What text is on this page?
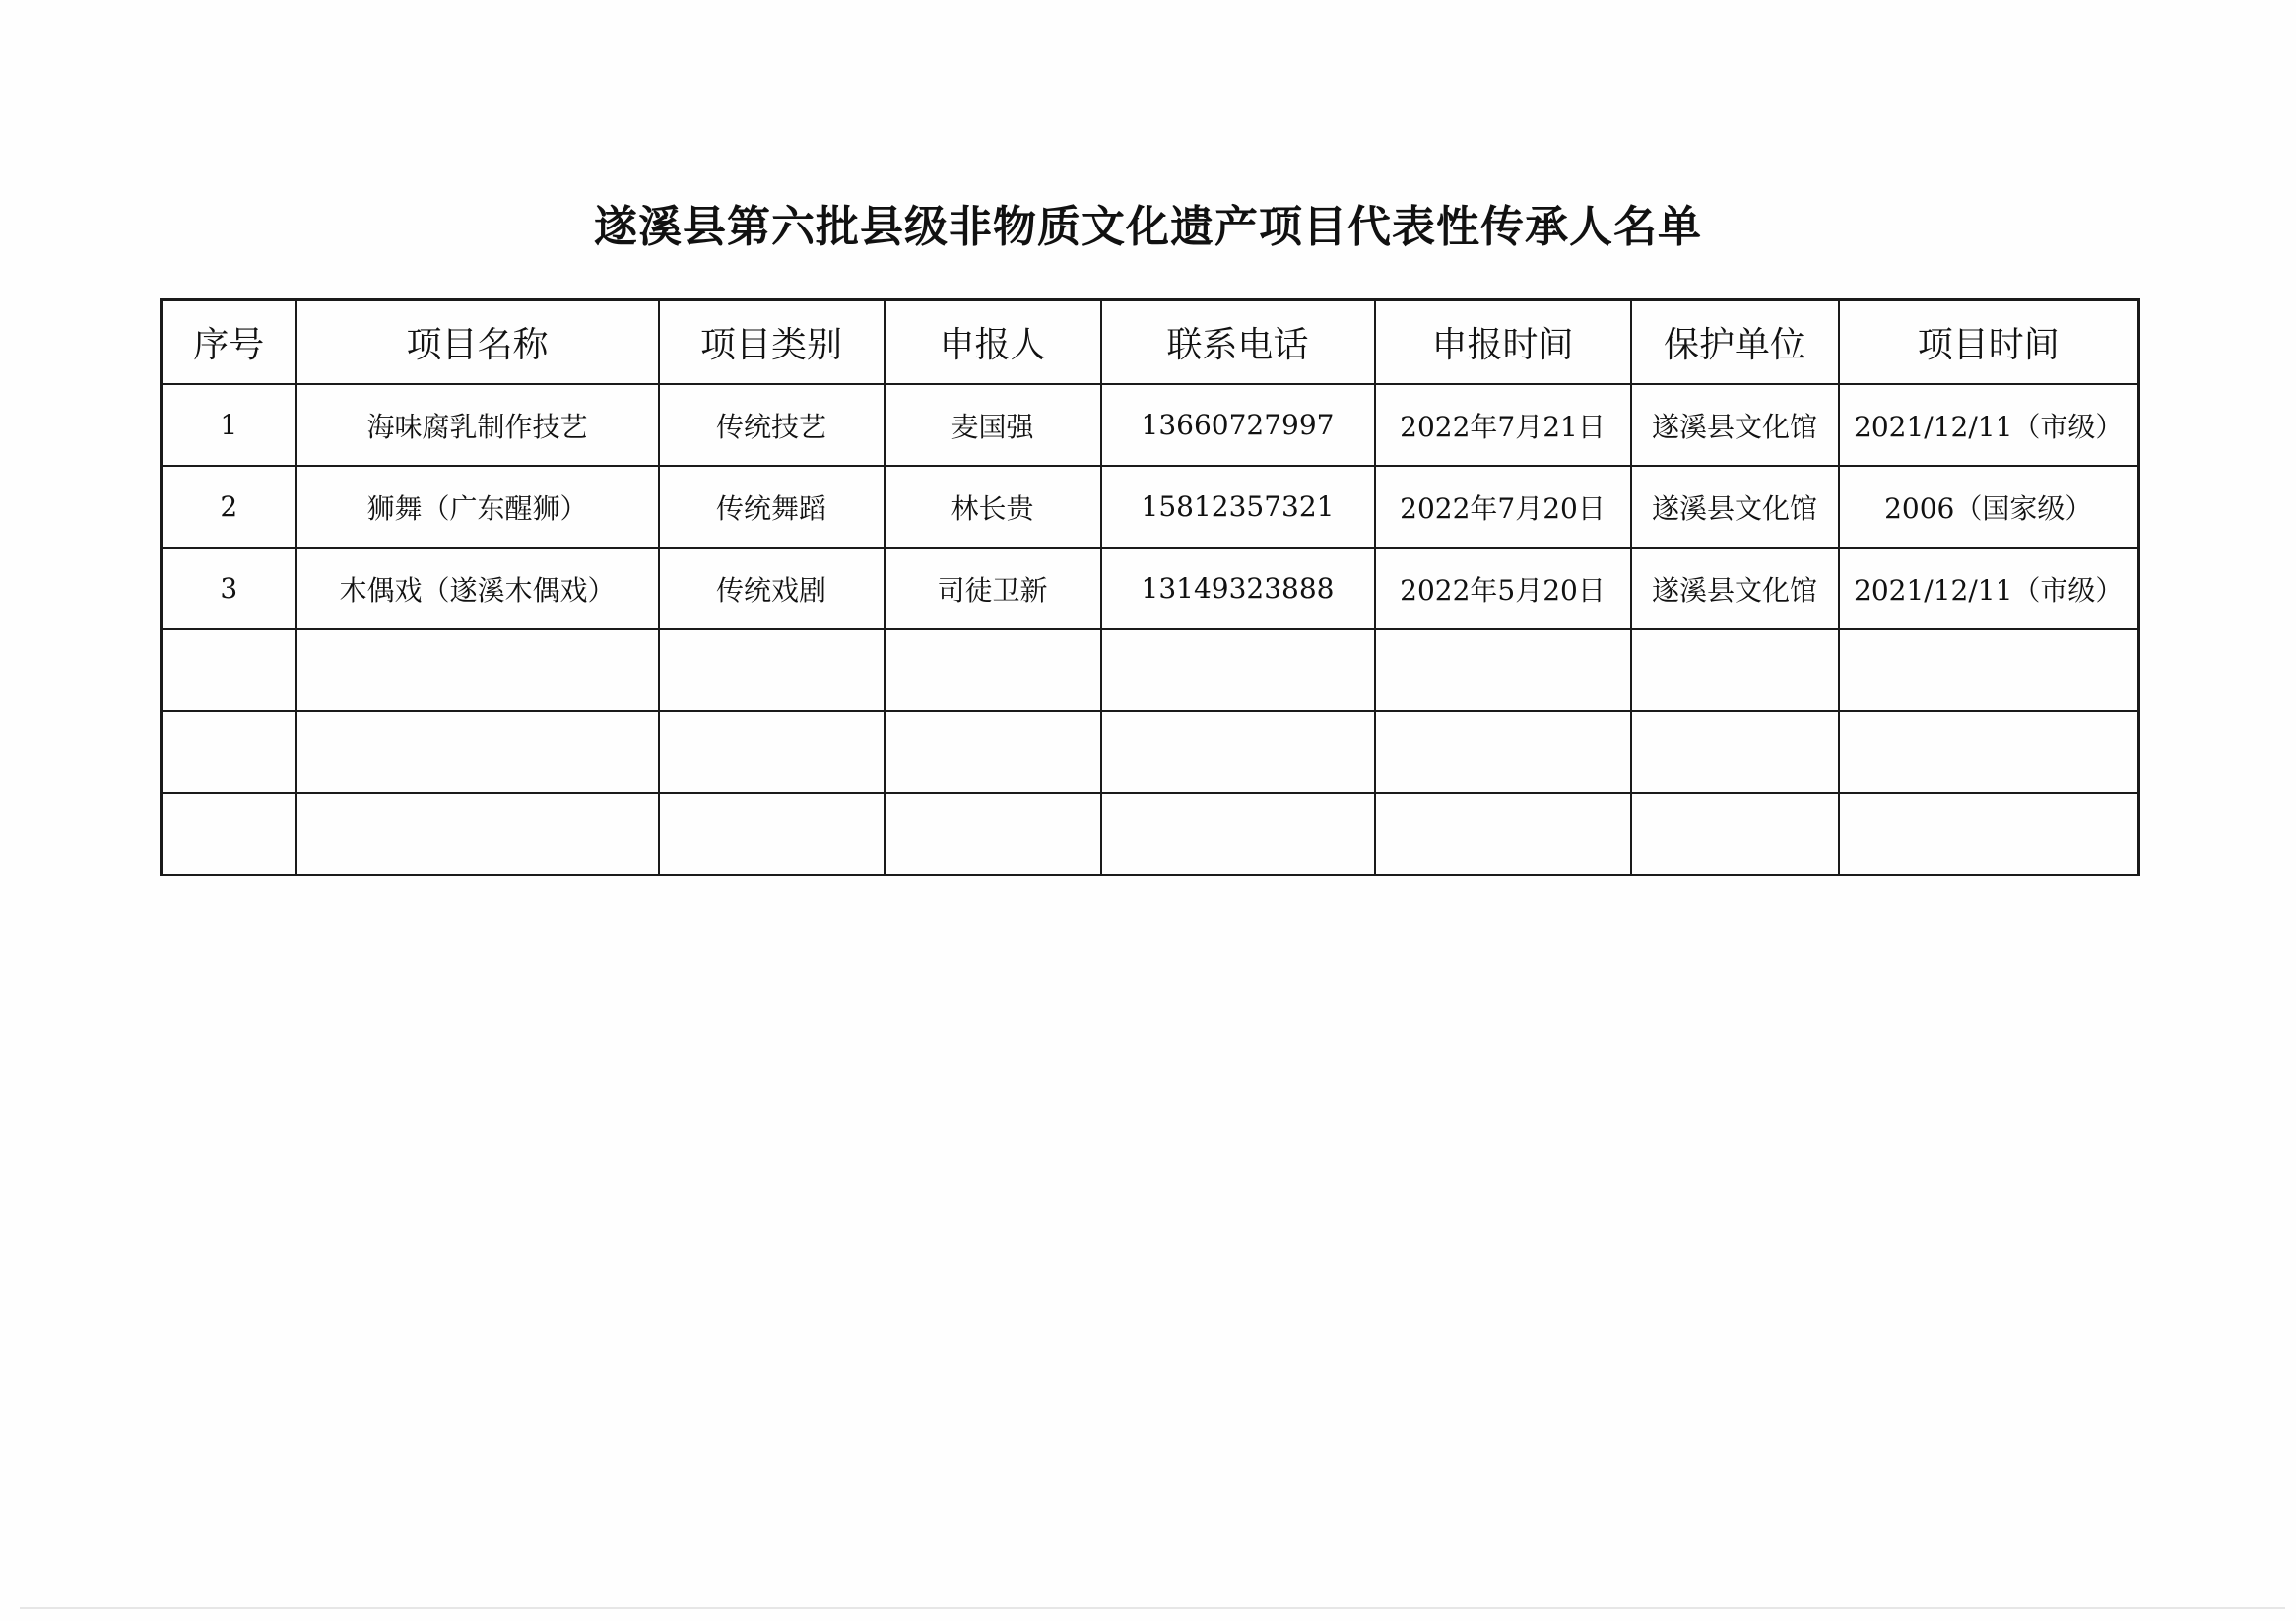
遂溪县第六批县级非物质文化遗产项目代表性传承人名单
序号	项目名称	项目类别	申报人	联系电话	申报时间	保护单位	项目时间
1	海味腐乳制作技艺	传统技艺	麦国强	13660727997	2022年7月21日	遂溪县文化馆	2021/12/11（市级）
2	狮舞（广东醒狮）	传统舞蹈	林长贵	15812357321	2022年7月20日	遂溪县文化馆	2006（国家级）
3	木偶戏（遂溪木偶戏）	传统戏剧	司徒卫新	13149323888	2022年5月20日	遂溪县文化馆	2021/12/11（市级）
